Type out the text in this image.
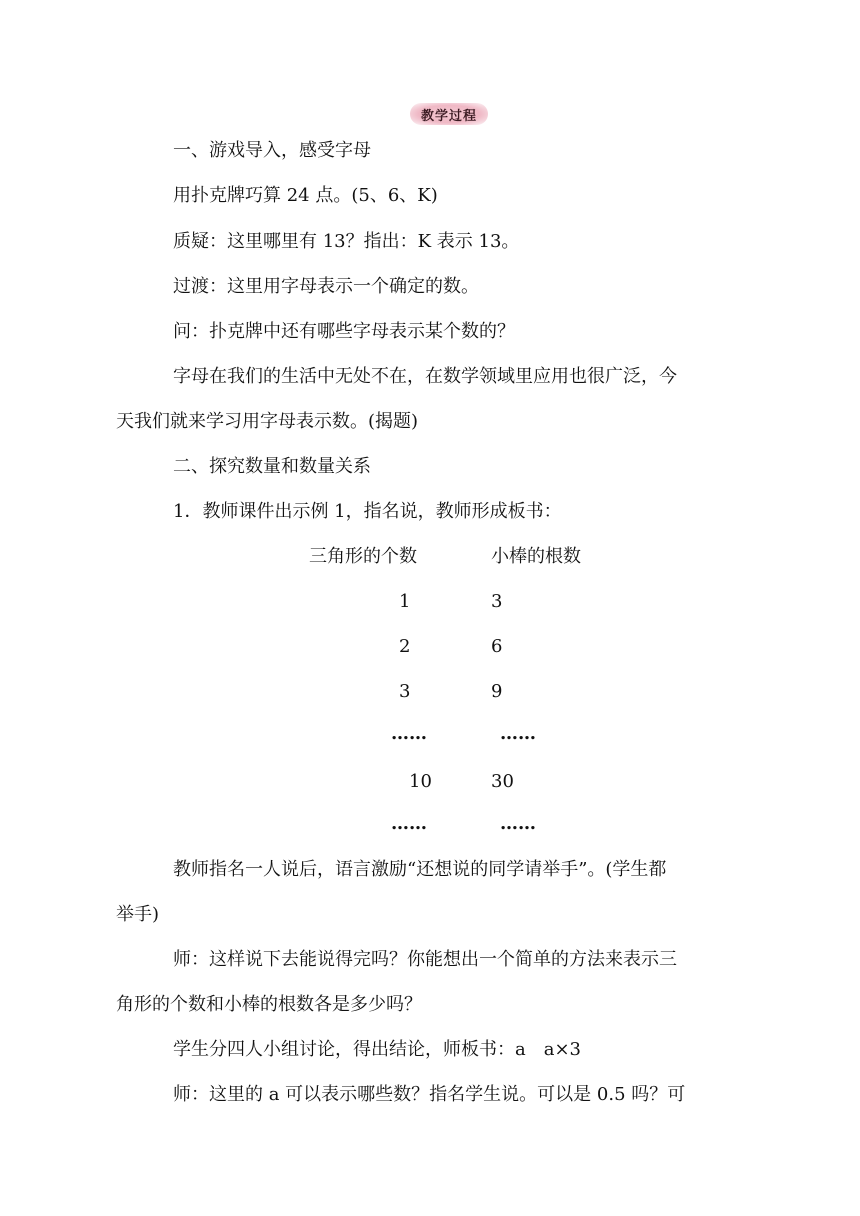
教学过程
一、游戏导入，感受字母
用扑克牌巧算 24 点。(5、6、K)
质疑：这里哪里有 13？指出：K 表示 13。
过渡：这里用字母表示一个确定的数。
问：扑克牌中还有哪些字母表示某个数的？
字母在我们的生活中无处不在，在数学领域里应用也很广泛，今
天我们就来学习用字母表示数。(揭题)
二、探究数量和数量关系
1．教师课件出示例 1，指名说，教师形成板书：
三角形的个数	小棒的根数
1	3
2	6
3	9
……	……
10	30
……	……
教师指名一人说后，语言激励“还想说的同学请举手”。(学生都
举手)
师：这样说下去能说得完吗？你能想出一个简单的方法来表示三
角形的个数和小棒的根数各是多少吗？
学生分四人小组讨论，得出结论，师板书：a　a×3
师：这里的 a 可以表示哪些数？指名学生说。可以是 0.5 吗？可
